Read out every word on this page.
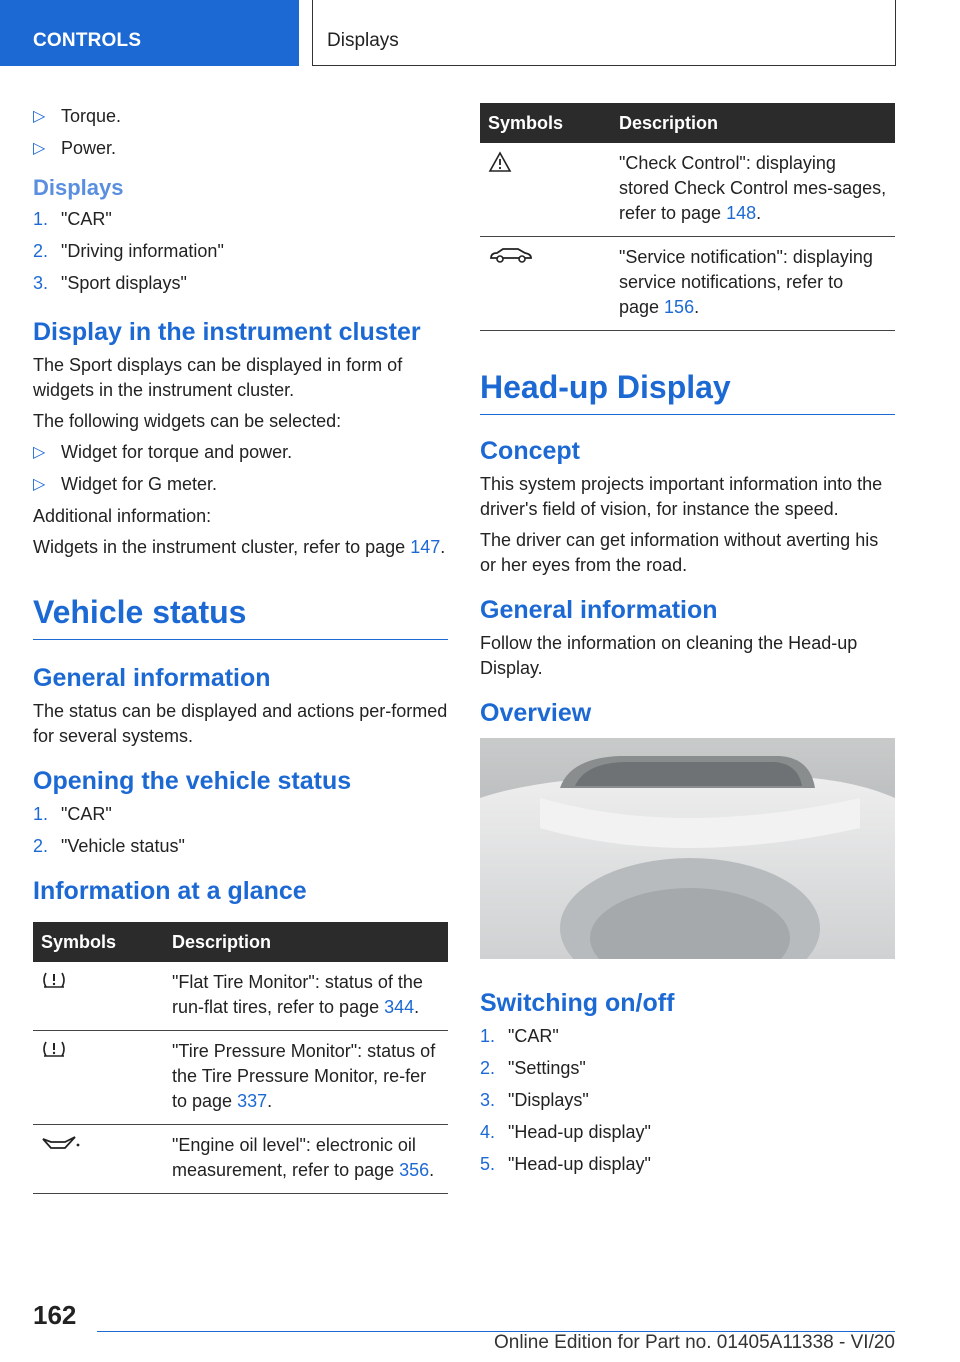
CONTROLS	Displays
▷ Torque.
▷ Power.
Displays
1. "CAR"
2. "Driving information"
3. "Sport displays"
Display in the instrument cluster

The Sport displays can be displayed in form of widgets in the instrument cluster.

The following widgets can be selected:

▷ Widget for torque and power.
▷ Widget for G meter.

Additional information:

Widgets in the instrument cluster, refer to page 147.

Vehicle status
General information

The status can be displayed and actions per-formed for several systems.

Opening the vehicle status
1. "CAR"
2. "Vehicle status"
Information at a glance
Symbols	Description
	"Flat Tire Monitor": status of the run-flat tires, refer to page 344.
	"Tire Pressure Monitor": status of the Tire Pressure Monitor, re-fer to page 337.
	"Engine oil level": electronic oil measurement, refer to page 356.
Symbols	Description
	"Check Control": displaying stored Check Control mes-sages, refer to page 148.
	"Service notification": displaying service notifications, refer to page 156.
Head-up Display
Concept

This system projects important information into the driver's field of vision, for instance the speed.

The driver can get information without averting his or her eyes from the road.

General information

Follow the information on cleaning the Head-up Display.

Overview
Switching on/off
1. "CAR"
2. "Settings"
3. "Displays"
4. "Head-up display"
5. "Head-up display"
162
Online Edition for Part no. 01405A11338 - VI/20
